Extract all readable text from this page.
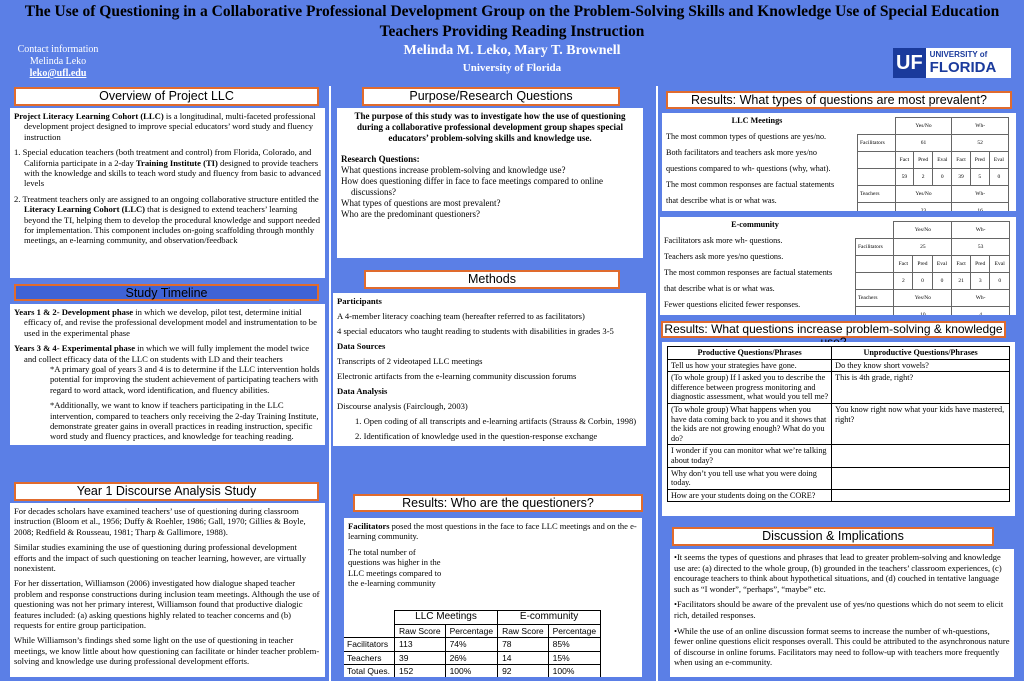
The Use of Questioning in a Collaborative Professional Development Group on the Problem-Solving Skills and Knowledge Use of Special Education Teachers Providing Reading Instruction
Contact information
Melinda Leko
leko@ufl.edu
Melinda M. Leko, Mary T. Brownell
University of Florida	UF UNIVERSITY of
FLORIDA
Overview of Project LLC

Project Literacy Learning Cohort (LLC) is a longitudinal, multi-faceted professional development project designed to improve special educators’ word study and fluency instruction

1. Special education teachers (both treatment and control) from Florida, Colorado, and California participate in a 2-day Training Institute (TI) designed to provide teachers with the knowledge and skills to teach word study and fluency from basic to advanced levels

2. Treatment teachers only are assigned to an ongoing collaborative structure entitled the Literacy Learning Cohort (LLC) that is designed to extend teachers’ learning beyond the TI, helping them to develop the procedural knowledge and support needed for implementation. This component includes on-going scaffolding through monthly meetings, an e-learning community, and observation/feedback

Study Timeline

Years 1 & 2- Development phase in which we develop, pilot test, determine initial efficacy of, and revise the professional development model and instrumentation to be used in the experimental phase

Years 3 & 4- Experimental phase in which we will fully implement the model twice and collect efficacy data of the LLC on students with LD and their teachers

*A primary goal of years 3 and 4 is to determine if the LLC intervention holds potential for improving the student achievement of participating teachers with regard to word attack, word identification, and fluency abilities.

*Additionally, we want to know if teachers participating in the LLC intervention, compared to teachers only receiving the 2-day Training Institute, demonstrate greater gains in overall practices in reading instruction, specific word study and fluency practices, and knowledge for teaching reading.

Year 1 Discourse Analysis Study

For decades scholars have examined teachers’ use of questioning during classroom instruction (Bloom et al., 1956; Duffy & Roehler, 1986; Gall, 1970; Gillies & Boyle, 2008; Redfield & Rousseau, 1981; Tharp & Gallimore, 1988).

Similar studies examining the use of questioning during professional development efforts and the impact of such questioning on teacher learning, however, are virtually nonexistent.

For her dissertation, Williamson (2006) investigated how dialogue shaped teacher problem and response constructions during inclusion team meetings. Although the use of questioning was not her primary interest, Williamson found that productive dialogic features included: (a) asking questions highly related to teacher concerns and (b) requests for entire group participation.

While Williamson’s findings shed some light on the use of questioning in teacher meetings, we know little about how questioning can facilitate or hinder teacher problem-solving and knowledge use during professional development efforts.

Purpose/Research Questions

The purpose of this study was to investigate how the use of questioning during a collaborative professional development group shapes special educators’ problem-solving skills and knowledge use.

Research Questions:
What questions increase problem-solving and knowledge use?
How does questioning differ in face to face meetings compared to online discussions?
What types of questions are most prevalent?
Who are the predominant questioners?
Methods
Participants
A 4-member literacy coaching team (hereafter referred to as facilitators)
4 special educators who taught reading to students with disabilities in grades 3-5
Data Sources
Transcripts of 2 videotaped LLC meetings
Electronic artifacts from the e-learning community discussion forums
Data Analysis
Discourse analysis (Fairclough, 2003)
1. Open coding of all transcripts and e-learning artifacts (Strauss & Corbin, 1998)
2. Identification of knowledge used in the question-response exchange
Results: Who are the questioners?

Facilitators posed the most questions in the face to face LLC meetings and on the e-learning community.

The total number of questions was higher in the LLC meetings compared to the e-learning community

	LLC Meetings		E-community	
	Raw Score	Percentage	Raw Score	Percentage
Facilitators	113	74%	78	85%
Teachers	39	26%	14	15%
Total Ques.	152	100%	92	100%
Results: What types of questions are most prevalent?
LLC Meetings
The most common types of questions are yes/no.
Both facilitators and teachers ask more yes/no
questions compared to wh- questions (why, what).
The most common responses are factual statements
that describe what is or what was.
	Yes/No			Wh-		
Facilitators	61			52		
	Fact	Pred	Eval	Fact	Pred	Eval
	59	2	0	39	5	0
Teachers	Yes/No			Wh-		
	23			16		

E-community
Facilitators ask more wh- questions.
Teachers ask more yes/no questions.
The most common responses are factual statements
that describe what is or what was.
Fewer questions elicited fewer responses.
	Yes/No			Wh-		
Facilitators	25			53		
	Fact	Pred	Eval	Fact	Pred	Eval
	2	0	0	21	3	0
Teachers	Yes/No			Wh-		
	10			4		

Results: What questions increase problem-solving & knowledge
Productive Questions/Phrases	Unproductive Questions/Phrases
Tell us how your strategies have gone.	Do they know short vowels?
(To whole group) If I asked you to describe the difference between progress monitoring and diagnostic assessment, what would you tell me?	This is 4th grade, right?
(To whole group) What happens when you have data coming back to you and it shows that the kids are not growing enough? What do you do?	You know right now what your kids have mastered, right?
I wonder if you can monitor what we’re talking about today?	
Why don’t you tell use what you were doing today.	
How are your students doing on the CORE?	
Discussion & Implications
•It seems the types of questions and phrases that lead to greater problem-solving and knowledge use are: (a) directed to the whole group, (b) grounded in the teachers’ classroom experiences, (c) encourage teachers to think about hypothetical situations, and (d) couched in tentative language such as “I wonder”, “perhaps”, “maybe” etc.
•Facilitators should be aware of the prevalent use of yes/no questions which do not seem to elicit rich, detailed responses.
•While the use of an online discussion format seems to increase the number of wh-questions, fewer online questions elicit responses overall. This could be attributed to the asynchronous nature of discourse in online forums. Facilitators may need to follow-up with teachers more frequently when using an e-community.
